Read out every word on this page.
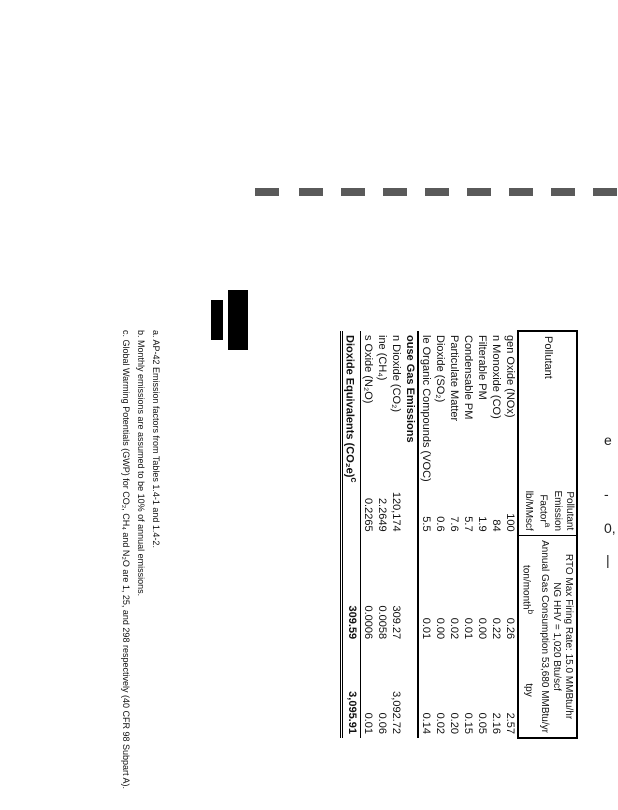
e
-
0,
|
Pollutant	Pollutant
Emission
Factor$^a$	RTO Max Firing Rate: 15.0 MMBtu/hr
NG HHV = 1,020 Btu/scf
Annual Gas Consumption 53,680 MMBtu/yr	
	lb/MMscf	ton/month$^b$	tpy
gen Oxide (NOx)	100	0.26	2.57
n Monoxide (CO)	84	0.22	2.16
Filterable PM	1.9	0.00	0.05
Condensable PM	5.7	0.01	0.15
Particulate Matter	7.6	0.02	0.20
Dioxide (SO₂)	0.6	0.00	0.02
le Organic Compounds (VOC)	5.5	0.01	0.14
ouse Gas Emissions			
n Dioxide (CO₂)	120,174	309.27	3,092.72
ine (CH₄)	2.2649	0.0058	0.06
s Oxide (N₂O)	0.2265	0.0006	0.01
Dioxide Equivalents $(CO_2e)^c$		309.59	3,095.91
a. AP-42 Emission factors from Tables 1.4-1 and 1.4-2.
b. Monthly emissions are assumed to be 10% of annual emissions.
c. Global Warming Potentials (GWP) for CO₂, CH₄ and N₂O are 1, 25, and 298 respectively (40 CFR 98 Subpart A).
